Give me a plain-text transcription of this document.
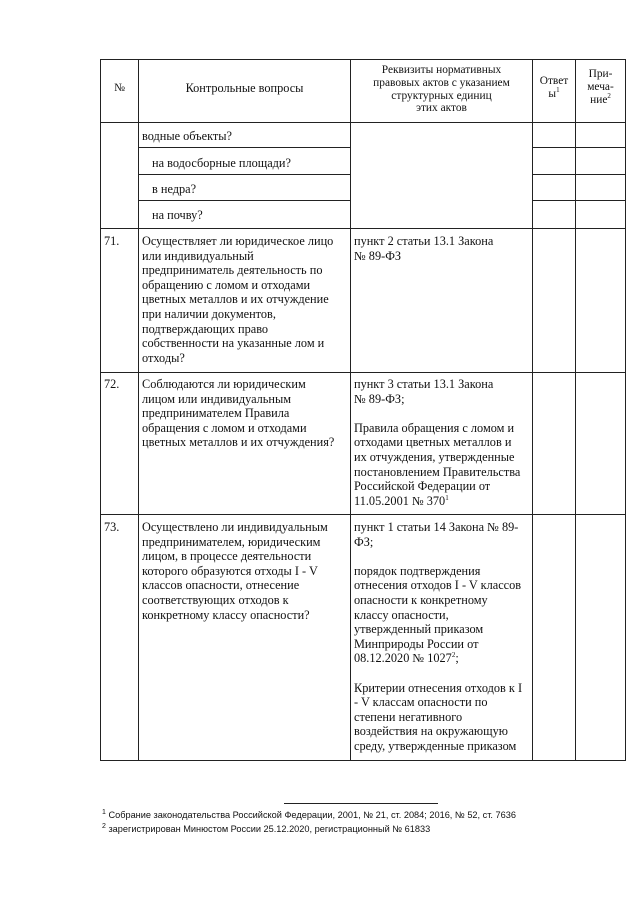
№	Контрольные вопросы
Реквизиты нормативных
правовых актов с указанием
структурных единиц
этих актов
Ответ
$ы^1$
При-
меча-
ние$^2$
водные объекты?
на водосборные площади?
в недра?
на почву?
71. Осуществляет ли юридическое лицо
или индивидуальный
предприниматель деятельность по
обращению с ломом и отходами
цветных металлов и их отчуждение
при наличии документов,
подтверждающих право
собственности на указанные лом и
отходы?
пункт 2 статьи 13.1 Закона
№ 89-ФЗ
72. Соблюдаются ли юридическим
лицом или индивидуальным
предпринимателем Правила
обращения с ломом и отходами
цветных металлов и их отчуждения?
пункт 3 статьи 13.1 Закона
№ 89-ФЗ;

Правила обращения с ломом и
отходами цветных металлов и
их отчуждения, утвержденные
постановлением Правительства
Российской Федерации от
11.05.2001 № $370^1$
73. Осуществлено ли индивидуальным
предпринимателем, юридическим
лицом, в процессе деятельности
которого образуются отходы I - V
классов опасности, отнесение
соответствующих отходов к
конкретному классу опасности?
пункт 1 статьи 14 Закона № 89-
ФЗ;

порядок подтверждения
отнесения отходов I - V классов
опасности к конкретному
классу опасности,
утвержденный приказом
Минприроды России от
08.12.2020 № 1027$^2$;

Критерии отнесения отходов к I
- V классам опасности по
степени негативного
воздействия на окружающую
среду, утвержденные приказом
$^1$ Собрание законодательства Российской Федерации, 2001, № 21, ст. 2084; 2016, № 52, ст. 7636
$^2$ зарегистрирован Минюстом России 25.12.2020, регистрационный № 61833
